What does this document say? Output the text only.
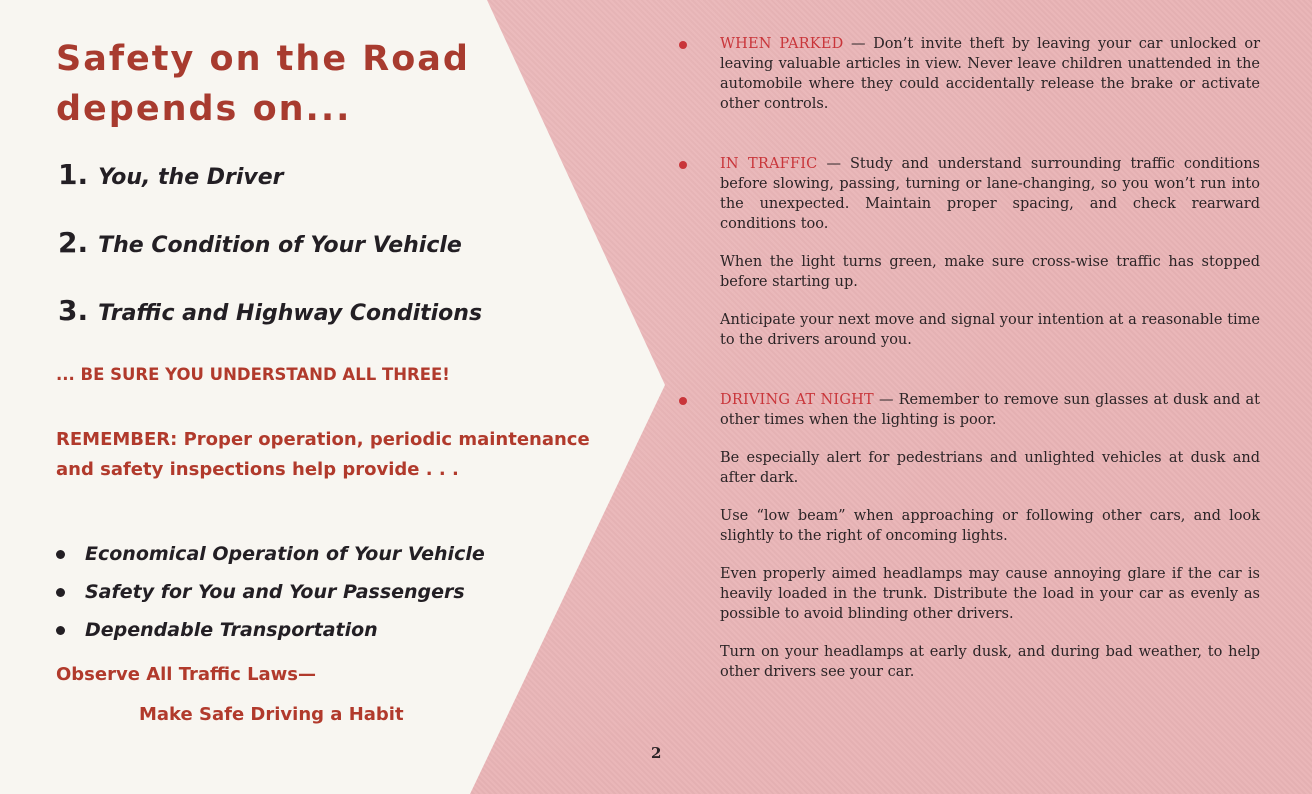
Safety on the Road
depends on...
1. You, the Driver
2. The Condition of Your Vehicle
3. Traffic and Highway Conditions
... BE SURE YOU UNDERSTAND ALL THREE!

REMEMBER: Proper operation, periodic maintenance and safety inspections help provide . . .

Economical Operation of Your Vehicle
Safety for You and Your Passengers
Dependable Transportation
Observe All Traffic Laws—
Make Safe Driving a Habit

WHEN PARKED — Don’t invite theft by leaving your car unlocked or leaving valuable articles in view. Never leave children unattended in the automobile where they could accidentally release the brake or activate other controls.

IN TRAFFIC — Study and understand surrounding traffic conditions before slowing, passing, turning or lane-changing, so you won’t run into the unexpected. Maintain proper spacing, and check rearward conditions too.

When the light turns green, make sure cross-wise traffic has stopped before starting up.

Anticipate your next move and signal your intention at a reasonable time to the drivers around you.

DRIVING AT NIGHT — Remember to remove sun glasses at dusk and at other times when the lighting is poor.

Be especially alert for pedestrians and unlighted vehicles at dusk and after dark.

Use “low beam” when approaching or following other cars, and look slightly to the right of oncoming lights.

Even properly aimed headlamps may cause annoying glare if the car is heavily loaded in the trunk. Distribute the load in your car as evenly as possible to avoid blinding other drivers.

Turn on your headlamps at early dusk, and during bad weather, to help other drivers see your car.

2
